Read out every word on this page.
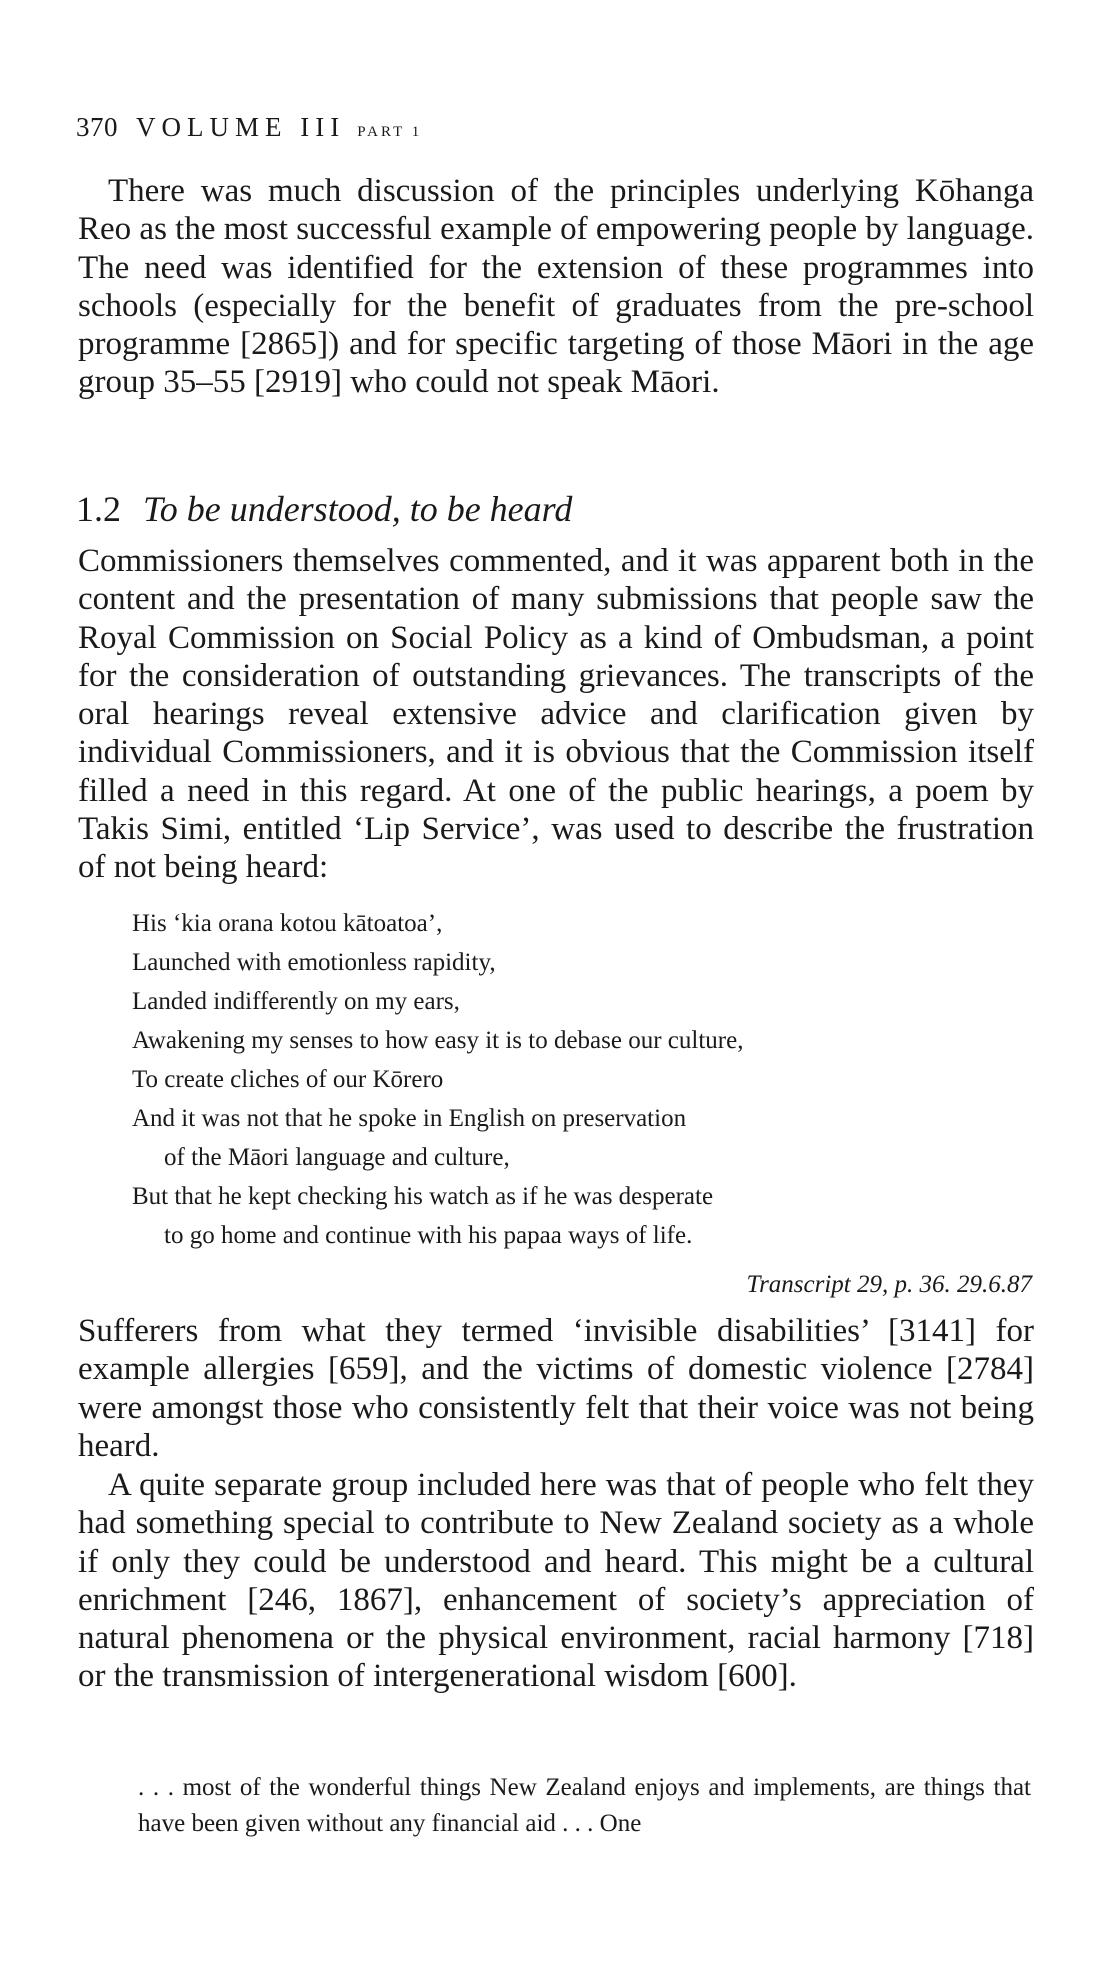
370 VOLUME III PART 1

There was much discussion of the principles underlying Kōhanga Reo as the most successful example of empowering people by language. The need was identified for the extension of these programmes into schools (especially for the benefit of graduates from the pre-school programme [2865]) and for specific targeting of those Māori in the age group 35–55 [2919] who could not speak Māori.

1.2 To be understood, to be heard

Commissioners themselves commented, and it was apparent both in the content and the presentation of many submissions that people saw the Royal Commission on Social Policy as a kind of Ombudsman, a point for the consideration of outstanding grievances. The transcripts of the oral hearings reveal extensive advice and clarification given by individual Commissioners, and it is obvious that the Commission itself filled a need in this regard. At one of the public hearings, a poem by Takis Simi, entitled ‘Lip Service’, was used to describe the frustration of not being heard:

His ‘kia orana kotou kātoatoa’,
Launched with emotionless rapidity,
Landed indifferently on my ears,
Awakening my senses to how easy it is to debase our culture,
To create cliches of our Kōrero
And it was not that he spoke in English on preservation
of the Māori language and culture,
But that he kept checking his watch as if he was desperate
to go home and continue with his papaa ways of life.
Transcript 29, p. 36. 29.6.87

Sufferers from what they termed ‘invisible disabilities’ [3141] for example allergies [659], and the victims of domestic violence [2784] were amongst those who consistently felt that their voice was not being heard.

A quite separate group included here was that of people who felt they had something special to contribute to New Zealand society as a whole if only they could be understood and heard. This might be a cultural enrichment [246, 1867], enhancement of society’s appreciation of natural phenomena or the physical environment, racial harmony [718] or the transmission of intergenerational wisdom [600].

. . . most of the wonderful things New Zealand enjoys and implements, are things that have been given without any financial aid . . . One
